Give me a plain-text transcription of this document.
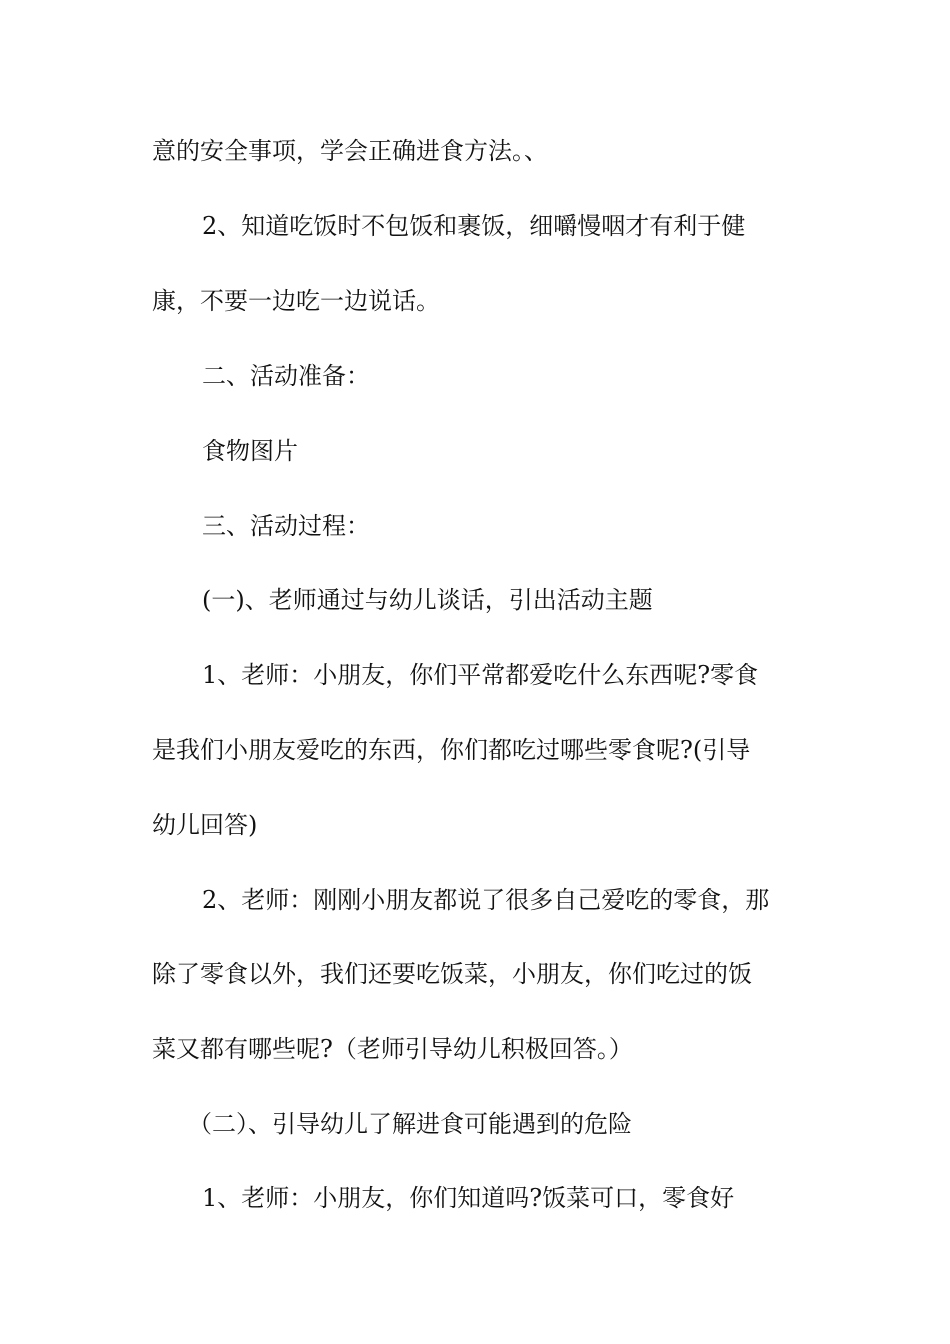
意的安全事项，学会正确进食方法。、

2、知道吃饭时不包饭和裹饭，细嚼慢咽才有利于健

康，不要一边吃一边说话。

二、活动准备：

食物图片

三、活动过程：

(一)、老师通过与幼儿谈话，引出活动主题

1、老师：小朋友，你们平常都爱吃什么东西呢?零食

是我们小朋友爱吃的东西，你们都吃过哪些零食呢?(引导

幼儿回答)

2、老师：刚刚小朋友都说了很多自己爱吃的零食，那

除了零食以外，我们还要吃饭菜，小朋友，你们吃过的饭

菜又都有哪些呢?（老师引导幼儿积极回答。）

（二）、引导幼儿了解进食可能遇到的危险

1、老师：小朋友，你们知道吗?饭菜可口，零食好
